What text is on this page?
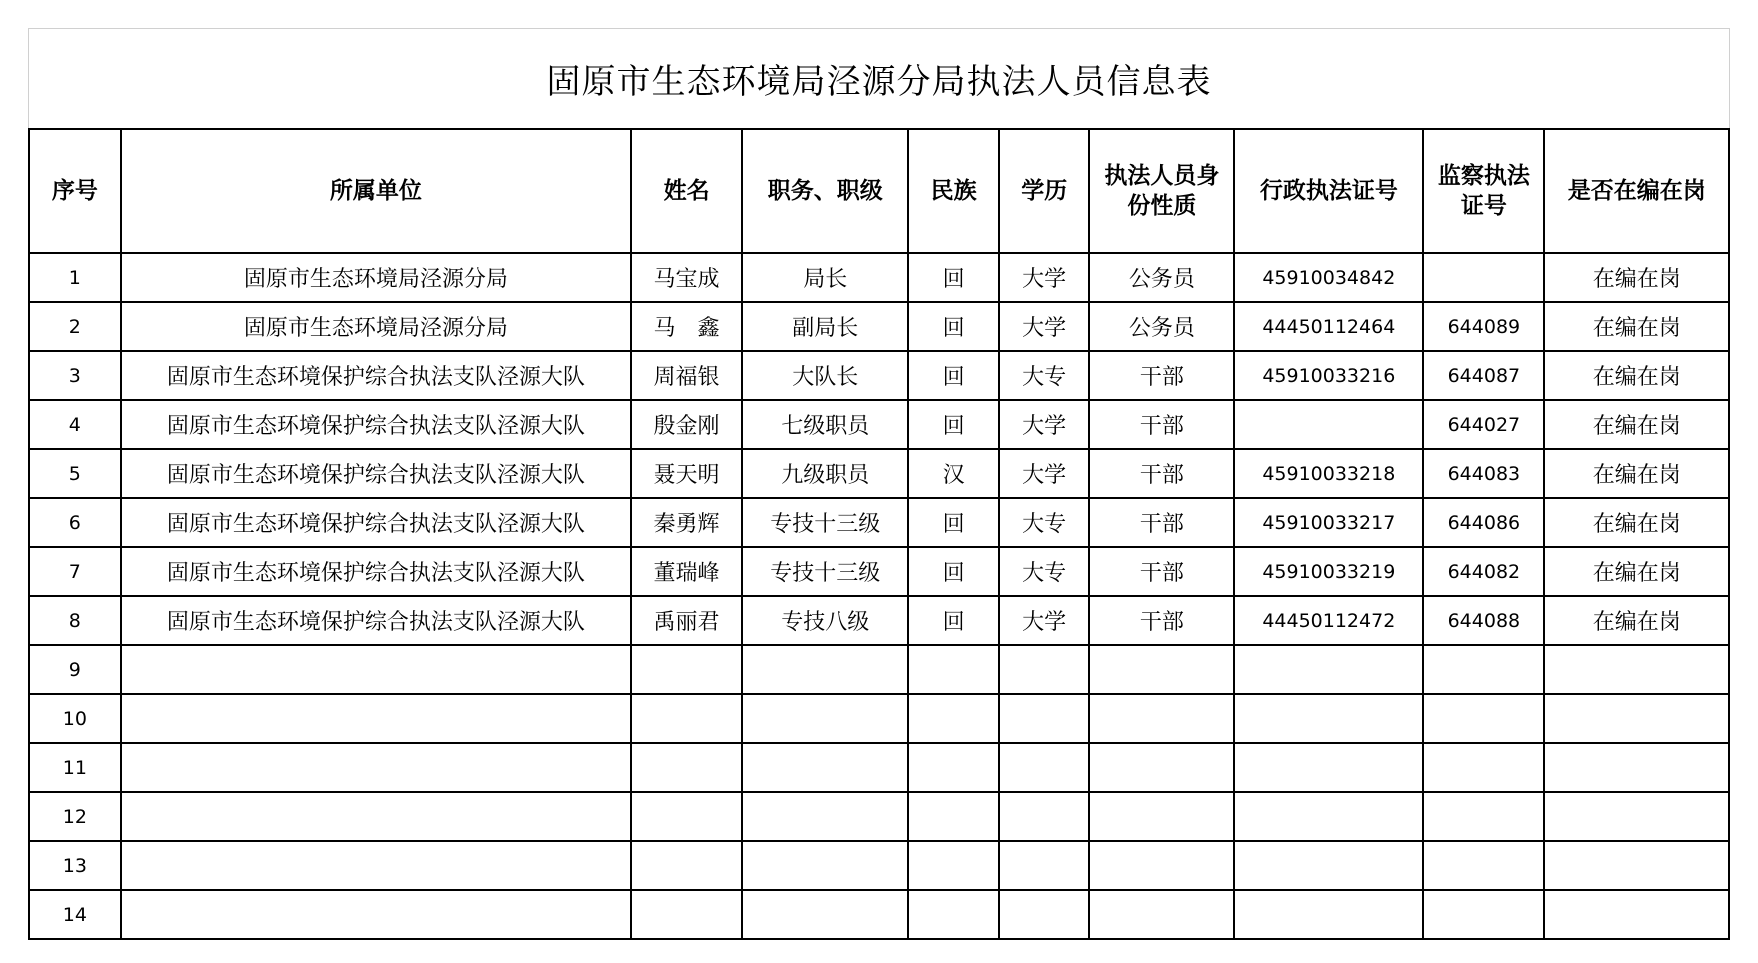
固原市生态环境局泾源分局执法人员信息表
序号	所属单位	姓名	职务、职级	民族	学历	执法人员身份性质	行政执法证号	监察执法证号	是否在编在岗
1	固原市生态环境局泾源分局	马宝成	局长	回	大学	公务员	45910034842		在编在岗
2	固原市生态环境局泾源分局	马　鑫	副局长	回	大学	公务员	44450112464	644089	在编在岗
3	固原市生态环境保护综合执法支队泾源大队	周福银	大队长	回	大专	干部	45910033216	644087	在编在岗
4	固原市生态环境保护综合执法支队泾源大队	殷金刚	七级职员	回	大学	干部		644027	在编在岗
5	固原市生态环境保护综合执法支队泾源大队	聂天明	九级职员	汉	大学	干部	45910033218	644083	在编在岗
6	固原市生态环境保护综合执法支队泾源大队	秦勇辉	专技十三级	回	大专	干部	45910033217	644086	在编在岗
7	固原市生态环境保护综合执法支队泾源大队	董瑞峰	专技十三级	回	大专	干部	45910033219	644082	在编在岗
8	固原市生态环境保护综合执法支队泾源大队	禹丽君	专技八级	回	大学	干部	44450112472	644088	在编在岗
9									
10									
11									
12									
13									
14									
